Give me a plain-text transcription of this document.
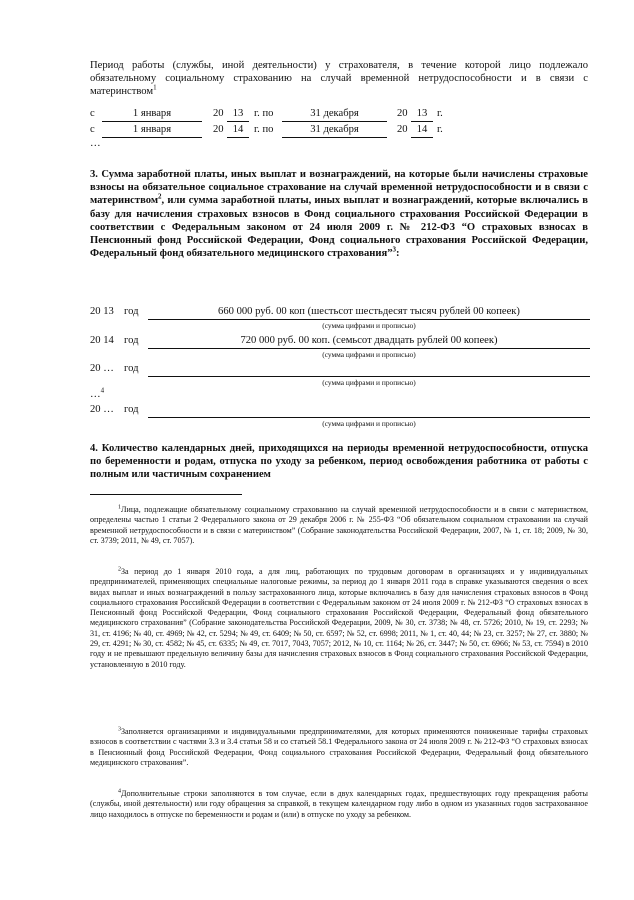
Период работы (службы, иной деятельности) у страхователя, в течение которой лицо подлежало обязательному социальному страхованию на случай временной нетрудоспособности и в связи с материнством$^1$
с	1 января	20 13	г. по	31 декабря	20 13 г.
с	1 января	20 14	г. по	31 декабря	20 14 г.
…
3. Сумма заработной платы, иных выплат и вознаграждений, на которые были начислены страховые взносы на обязательное социальное страхование на случай временной нетрудоспособности и в связи с материнством$^2$, или сумма заработной платы, иных выплат и вознаграждений, которые включались в базу для начисления страховых взносов в Фонд социального страхования Российской Федерации в соответствии с Федеральным законом от 24 июля 2009 г. № 212-ФЗ “О страховых взносах в Пенсионный фонд Российской Федерации, Фонд социального страхования Российской Федерации, Федеральный фонд обязательного медицинского страхования”$^3$:
20 13 год	660 000 руб. 00 коп (шестьсот шестьдесят тысяч рублей 00 копеек)
(сумма цифрами и прописью)
20 14 год	720 000 руб. 00 коп. (семьсот двадцать рублей 00 копеек)
(сумма цифрами и прописью)
20 … год
(сумма цифрами и прописью)
…$^4$
20 … год
(сумма цифрами и прописью)
4. Количество календарных дней, приходящихся на периоды временной нетрудоспособности, отпуска по беременности и родам, отпуска по уходу за ребенком, период освобождения работника от работы с полным или частичным сохранением
$^1$Лица, подлежащие обязательному социальному страхованию на случай временной нетрудоспособности и в связи с материнством, определены частью 1 статьи 2 Федерального закона от 29 декабря 2006 г. № 255-ФЗ “Об обязательном социальном страховании на случай временной нетрудоспособности и в связи с материнством” (Собрание законодательства Российской Федерации, 2007, № 1, ст. 18; 2009, № 30, ст. 3739; 2011, № 49, ст. 7057).
$^2$За период до 1 января 2010 года, а для лиц, работающих по трудовым договорам в организациях и у индивидуальных предпринимателей, применяющих специальные налоговые режимы, за период до 1 января 2011 года в справке указываются сведения о всех видах выплат и иных вознаграждений в пользу застрахованного лица, которые включались в базу для начисления страховых взносов в Фонд социального страхования Российской Федерации в соответствии с Федеральным законом от 24 июля 2009 г. № 212-ФЗ “О страховых взносах в Пенсионный фонд Российской Федерации, Фонд социального страхования Российской Федерации, Федеральный фонд обязательного медицинского страхования” (Собрание законодательства Российской Федерации, 2009, № 30, ст. 3738; № 48, ст. 5726; 2010, № 19, ст. 2293; № 31, ст. 4196; № 40, ст. 4969; № 42, ст. 5294; № 49, ст. 6409; № 50, ст. 6597; № 52, ст. 6998; 2011, № 1, ст. 40, 44; № 23, ст. 3257; № 27, ст. 3880; № 29, ст. 4291; № 30, ст. 4582; № 45, ст. 6335; № 49, ст. 7017, 7043, 7057; 2012, № 10, ст. 1164; № 26, ст. 3447; № 50, ст. 6966; № 53, ст. 7594) в 2010 году и не превышают предельную величину базы для начисления страховых взносов в Фонд социального страхования Российской Федерации, установленную в 2010 году.
$^3$Заполняется организациями и индивидуальными предпринимателями, для которых применяются пониженные тарифы страховых взносов в соответствии с частями 3.3 и 3.4 статьи 58 и со статьей 58.1 Федерального закона от 24 июля 2009 г. № 212-ФЗ “О страховых взносах в Пенсионный фонд Российской Федерации, Фонд социального страхования Российской Федерации, Федеральный фонд обязательного медицинского страхования”.
$^4$Дополнительные строки заполняются в том случае, если в двух календарных годах, предшествующих году прекращения работы (службы, иной деятельности) или году обращения за справкой, в текущем календарном году либо в одном из указанных годов застрахованное лицо находилось в отпуске по беременности и родам и (или) в отпуске по уходу за ребенком.
